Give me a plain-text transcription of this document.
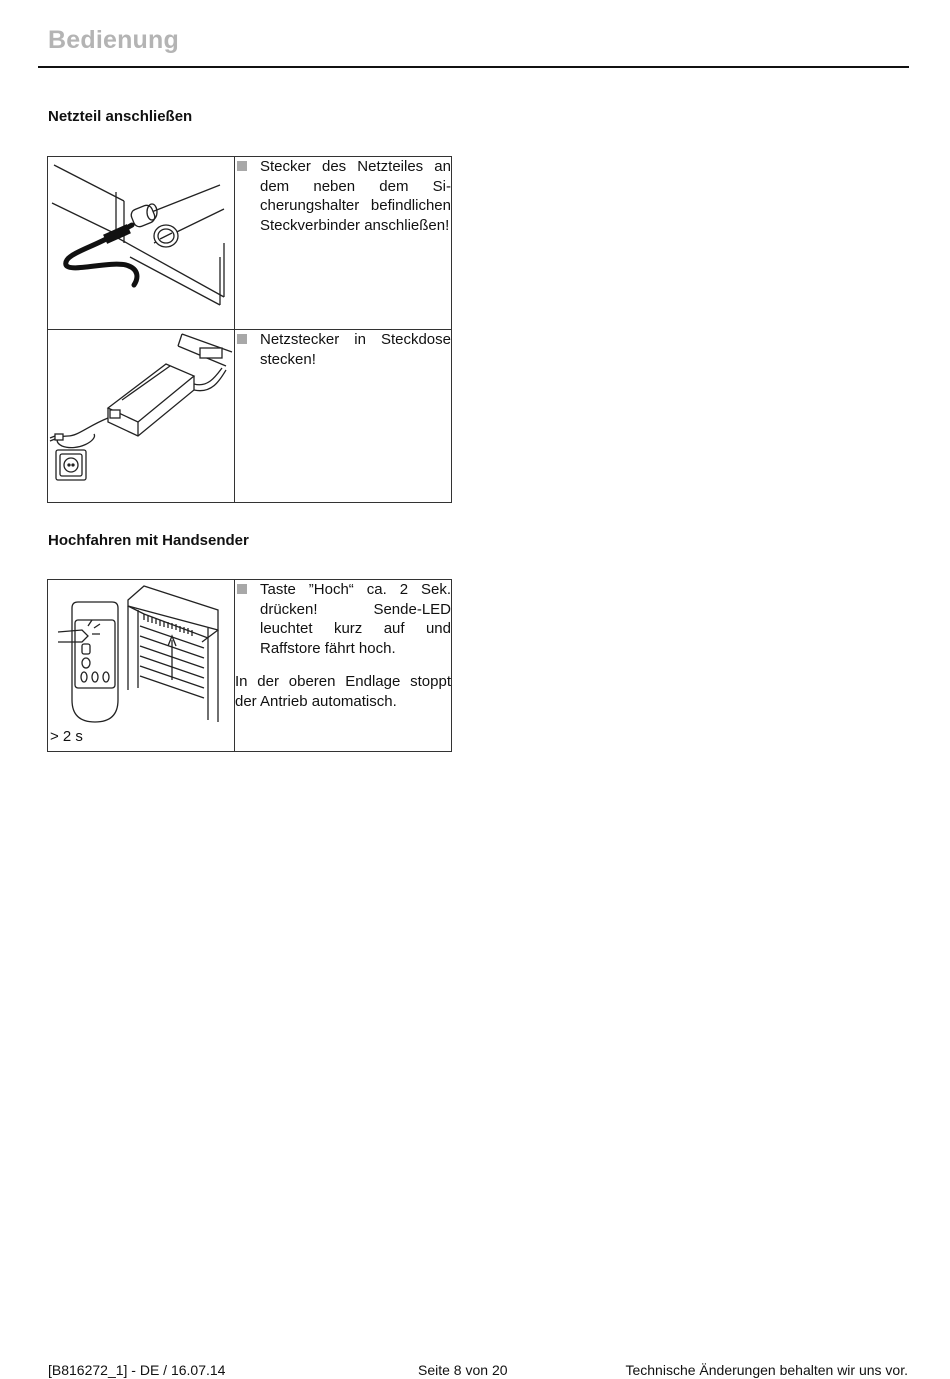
Bedienung
Netzteil anschließen

Stecker des Netzteiles an dem neben dem Sicherungshalter befindlichen Steckverbinder anschließen!

Netzstecker in Steckdose stecken!
Hochfahren mit Handsender
> 2 s

Taste ”Hoch“ ca. 2 Sek. drücken! Sende-LED leuchtet kurz auf und Raffstore fährt hoch.
In der oberen Endlage stoppt der Antrieb automatisch.
[B816272_1] - DE / 16.07.14	Seite 8 von 20	Technische Änderungen behalten wir uns vor.
